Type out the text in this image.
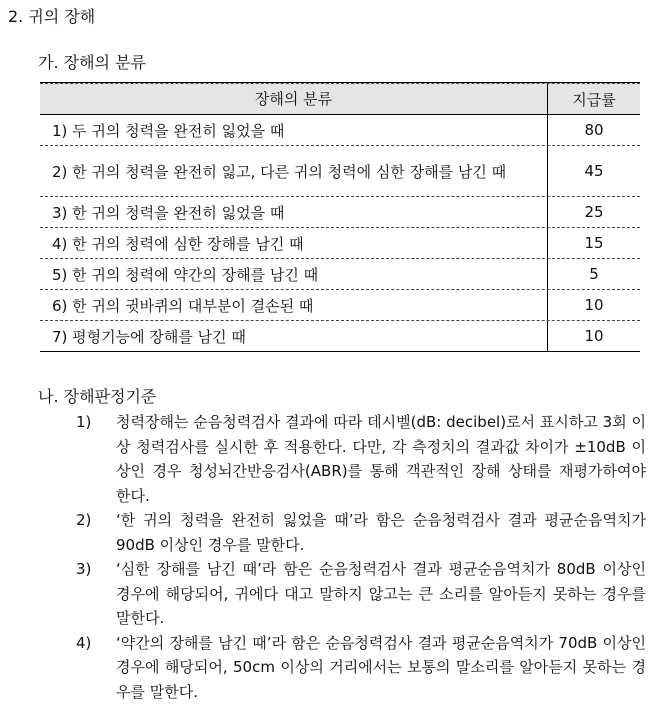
2. 귀의 장해
가. 장해의 분류
장해의 분류	지급률
1) 두 귀의 청력을 완전히 잃었을 때	80
2) 한 귀의 청력을 완전히 잃고, 다른 귀의 청력에 심한 장해를 남긴 때	45
3) 한 귀의 청력을 완전히 잃었을 때	25
4) 한 귀의 청력에 심한 장해를 남긴 때	15
5) 한 귀의 청력에 약간의 장해를 남긴 때	5
6) 한 귀의 귓바퀴의 대부분이 결손된 때	10
7) 평형기능에 장해를 남긴 때	10
나. 장해판정기준
1)	청력장해는 순음청력검사 결과에 따라 데시벨(dB: decibel)로서 표시하고 3회 이상 청력검사를 실시한 후 적용한다. 다만, 각 측정치의 결과값 차이가 ±10dB 이상인 경우 청성뇌간반응검사(ABR)를 통해 객관적인 장해 상태를 재평가하여야 한다.
2)	‘한 귀의 청력을 완전히 잃었을 때’라 함은 순음청력검사 결과 평균순음역치가 90dB 이상인 경우를 말한다.
3)	‘심한 장해를 남긴 때’라 함은 순음청력검사 결과 평균순음역치가 80dB 이상인 경우에 해당되어, 귀에다 대고 말하지 않고는 큰 소리를 알아듣지 못하는 경우를 말한다.
4)	‘약간의 장해를 남긴 때’라 함은 순음청력검사 결과 평균순음역치가 70dB 이상인 경우에 해당되어, 50cm 이상의 거리에서는 보통의 말소리를 알아듣지 못하는 경우를 말한다.
